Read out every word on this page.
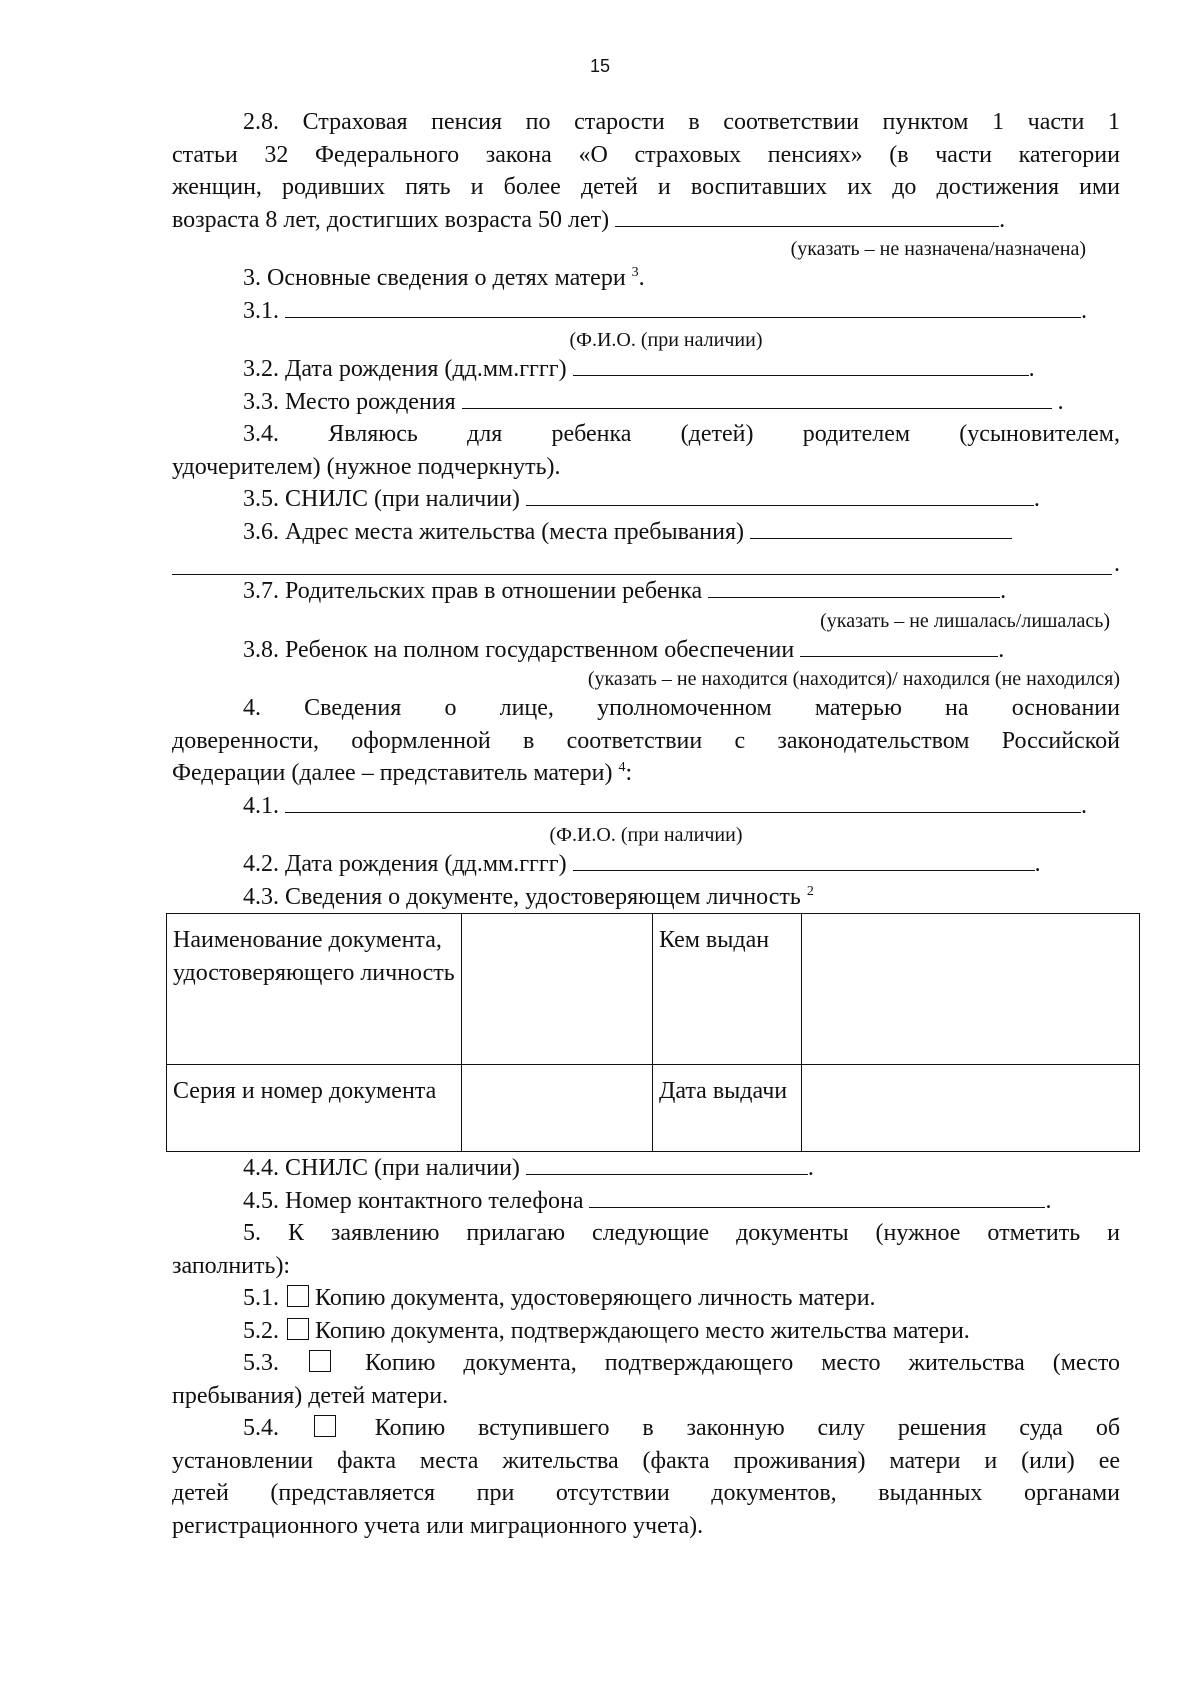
15

2.8. Страховая пенсия по старости в соответствии пунктом 1 части 1

статьи 32 Федерального закона «О страховых пенсиях» (в части категории

женщин, родивших пять и более детей и воспитавших их до достижения ими

возраста 8 лет, достигших возраста 50 лет)	.

(указать – не назначена/назначена)

3. Основные сведения о детях матери $^3$.

3.1.	.

(Ф.И.О. (при наличии)

3.2. Дата рождения (дд.мм.гггг)	.

3.3. Место рождения	.

3.4. Являюсь для ребенка (детей) родителем (усыновителем,

удочерителем) (нужное подчеркнуть).

3.5. СНИЛС (при наличии)	.

3.6. Адрес места жительства (места пребывания)

.

3.7. Родительских прав в отношении ребенка	.

(указать – не лишалась/лишалась)

3.8. Ребенок на полном государственном обеспечении	.

(указать – не находится (находится)/ находился (не находился)

4. Сведения о лице, уполномоченном матерью на основании

доверенности, оформленной в соответствии с законодательством Российской

Федерации (далее – представитель матери) $^4$:

4.1.	.

(Ф.И.О. (при наличии)

4.2. Дата рождения (дд.мм.гггг)	.

4.3. Сведения о документе, удостоверяющем личность $^2$

Наименование документа, удостоверяющего личность		Кем выдан	
Серия и номер документа		Дата выдачи	

4.4. СНИЛС (при наличии)	.

4.5. Номер контактного телефона	.

5. К заявлению прилагаю следующие документы (нужное отметить и

заполнить):

5.1. Копию документа, удостоверяющего личность матери.

5.2. Копию документа, подтверждающего место жительства матери.

5.3.	Копию документа, подтверждающего место жительства (место

пребывания) детей матери.

5.4.	Копию вступившего в законную силу решения суда об

установлении факта места жительства (факта проживания) матери и (или) ее

детей (представляется при отсутствии документов, выданных органами

регистрационного учета или миграционного учета).
